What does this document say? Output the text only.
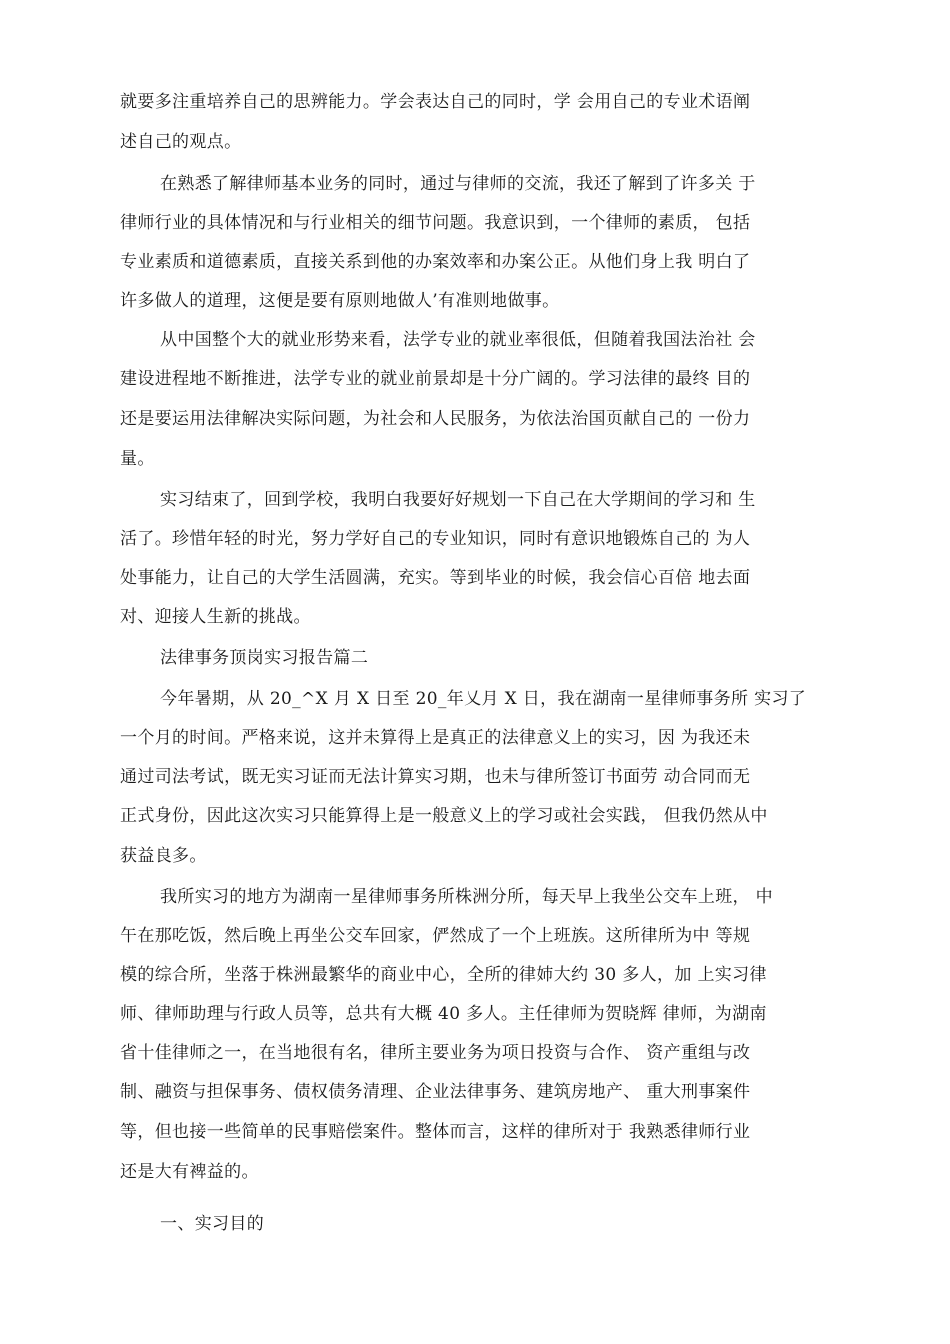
就要多注重培养自己的思辨能力。学会表达自己的同时，学 会用自己的专业术语阐
述自己的观点。
在熟悉了解律师基本业务的同时，通过与律师的交流，我还了解到了许多关 于
律师行业的具体情况和与行业相关的细节问题。我意识到，一个律师的素质， 包括
专业素质和道德素质，直接关系到他的办案效率和办案公正。从他们身上我 明白了
许多做人的道理，这便是要有原则地做人’有准则地做事。
从中国整个大的就业形势来看，法学专业的就业率很低，但随着我国法治社 会
建设进程地不断推进，法学专业的就业前景却是十分广阔的。学习法律的最终 目的
还是要运用法律解决实际问题，为社会和人民服务，为依法治国页献自己的 一份力
量。
实习结束了，回到学校，我明白我要好好规划一下自己在大学期间的学习和 生
活了。珍惜年轻的时光，努力学好自己的专业知识，同时有意识地锻炼自己的 为人
处事能力，让自己的大学生活圆满，充实。等到毕业的时候，我会信心百倍 地去面
对、迎接人生新的挑战。
法律事务顶岗实习报告篇二
今年暑期，从 20_^X 月 X 日至 20_年乂月 X 日，我在湖南一星律师事务所 实习了
一个月的时间。严格来说，这并未算得上是真正的法律意义上的实习，因 为我还未
通过司法考试，既无实习证而无法计算实习期，也未与律所签订书面劳 动合同而无
正式身份，因此这次实习只能算得上是一般意义上的学习或社会实践， 但我仍然从中
获益良多。
我所实习的地方为湖南一星律师事务所株洲分所，每天早上我坐公交车上班， 中
午在那吃饭，然后晚上再坐公交车回家，俨然成了一个上班族。这所律所为中 等规
模的综合所，坐落于株洲最繁华的商业中心，全所的律姉大约 30 多人，加 上实习律
师、律师助理与行政人员等，总共有大概 40 多人。主任律师为贺晓辉 律师，为湖南
省十佳律师之一，在当地很有名，律所主要业务为项日投资与合作、 资产重组与改
制、融资与担保事务、债权债务清理、企业法律事务、建筑房地产、 重大刑事案件
等，但也接一些简单的民事赔偿案件。整体而言，这样的律所对于 我熟悉律师行业
还是大有裨益的。
一、实习目的
